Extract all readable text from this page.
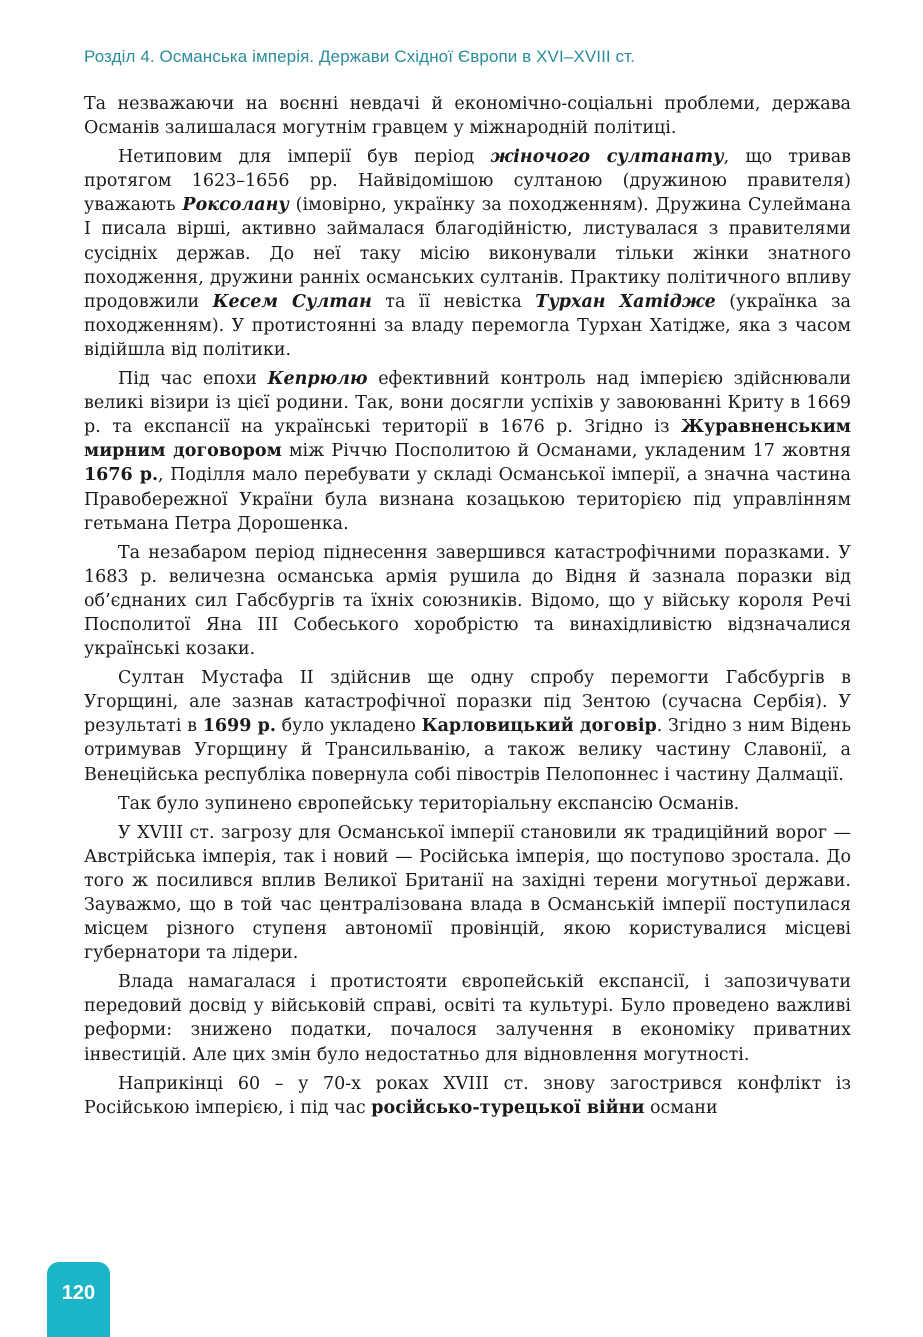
Розділ 4. Османська імперія. Держави Східної Європи в XVI–XVIII ст.

Та незважаючи на воєнні невдачі й економічно-соціальні проблеми, держава Османів залишалася могутнім гравцем у міжнародній політиці.

Нетиповим для імперії був період жіночого султанату, що тривав протягом 1623–1656 рр. Найвідомішою султаною (дружиною правителя) уважають Роксолану (імовірно, українку за походженням). Дружина Сулеймана І писала вірші, активно займалася благодійністю, листувалася з правителями сусідніх держав. До неї таку місію виконували тільки жінки знатного походження, дружини ранніх османських султанів. Практику політичного впливу продовжили Кесем Султан та її невістка Турхан Хатідже (українка за походженням). У протистоянні за владу перемогла Турхан Хатідже, яка з часом відійшла від політики.

Під час епохи Кепрюлю ефективний контроль над імперією здійснювали великі візири із цієї родини. Так, вони досягли успіхів у завоюванні Криту в 1669 р. та експансії на українські території в 1676 р. Згідно із Журавненським мирним договором між Річчю Посполитою й Османами, укладеним 17 жовтня 1676 р., Поділля мало перебувати у складі Османської імперії, а значна частина Правобережної України була визнана козацькою територією під управлінням гетьмана Петра Дорошенка.

Та незабаром період піднесення завершився катастрофічними поразками. У 1683 р. величезна османська армія рушила до Відня й зазнала поразки від об’єднаних сил Габсбургів та їхніх союзників. Відомо, що у війську короля Речі Посполитої Яна ІІІ Собеського хоробрістю та винахідливістю відзначалися українські козаки.

Султан Мустафа ІІ здійснив ще одну спробу перемогти Габсбургів в Угорщині, але зазнав катастрофічної поразки під Зентою (сучасна Сербія). У результаті в 1699 р. було укладено Карловицький договір. Згідно з ним Відень отримував Угорщину й Трансильванію, а також велику частину Славонії, а Венеційська республіка повернула собі півострів Пелопоннес і частину Далмації.

Так було зупинено європейську територіальну експансію Османів.

У XVIII ст. загрозу для Османської імперії становили як традиційний ворог — Австрійська імперія, так і новий — Російська імперія, що поступово зростала. До того ж посилився вплив Великої Британії на західні терени могутньої держави. Зауважмо, що в той час централізована влада в Османській імперії поступилася місцем різного ступеня автономії провінцій, якою користувалися місцеві губернатори та лідери.

Влада намагалася і протистояти європейській експансії, і запозичувати передовий досвід у військовій справі, освіті та культурі. Було проведено важливі реформи: знижено податки, почалося залучення в економіку приватних інвестицій. Але цих змін було недостатньо для відновлення могутності.

Наприкінці 60 – у 70-х роках XVIII ст. знову загострився конфлікт із Російською імперією, і під час російсько-турецької війни османи

120
